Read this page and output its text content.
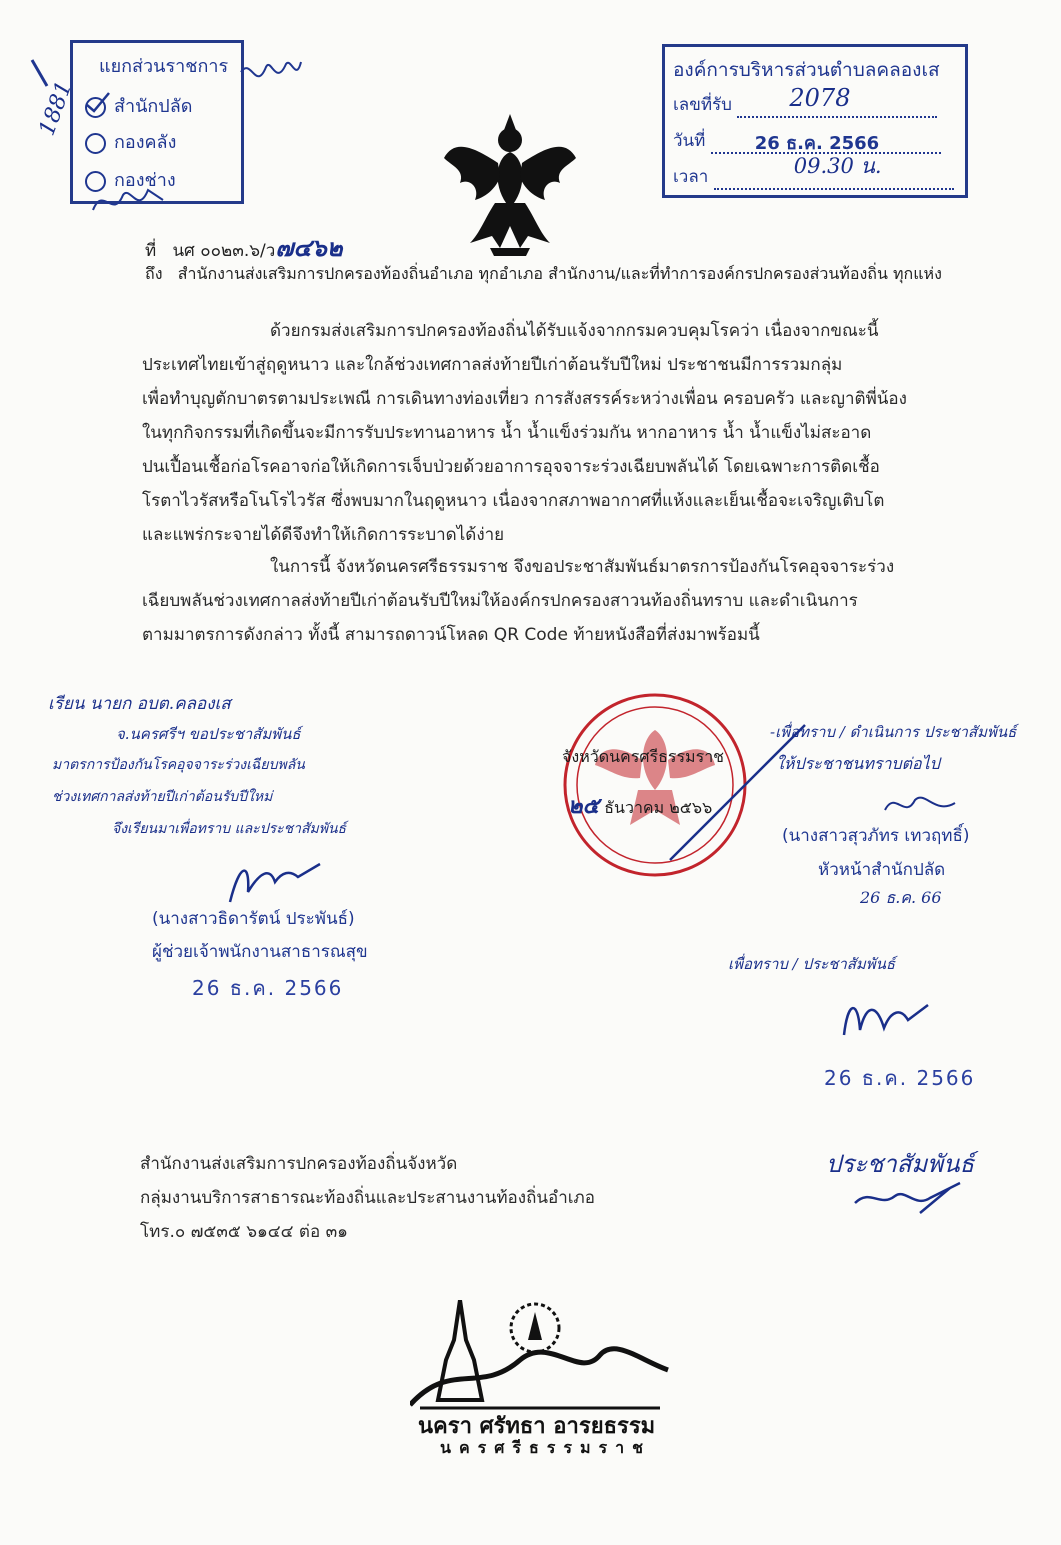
1881
แยกส่วนราชการ
สำนักปลัด
กองคลัง
กองช่าง
องค์การบริหารส่วนตำบลคลองเส
เลขที่รับ 2078
วันที่	26 ธ.ค. 2566
เวลา	09.30 น.
ที่ นศ ๐๐๒๓.๖/ว๗๔๖๒
ถึง สำนักงานส่งเสริมการปกครองท้องถิ่นอำเภอ ทุกอำเภอ สำนักงาน/และที่ทำการองค์กรปกครองส่วนท้องถิ่น ทุกแห่ง
ด้วยกรมส่งเสริมการปกครองท้องถิ่นได้รับแจ้งจากกรมควบคุมโรคว่า เนื่องจากขณะนี้
ประเทศไทยเข้าสู่ฤดูหนาว และใกล้ช่วงเทศกาลส่งท้ายปีเก่าต้อนรับปีใหม่ ประชาชนมีการรวมกลุ่ม
เพื่อทำบุญตักบาตรตามประเพณี การเดินทางท่องเที่ยว การสังสรรค์ระหว่างเพื่อน ครอบครัว และญาติพี่น้อง
ในทุกกิจกรรมที่เกิดขึ้นจะมีการรับประทานอาหาร น้ำ น้ำแข็งร่วมกัน หากอาหาร น้ำ น้ำแข็งไม่สะอาด
ปนเปื้อนเชื้อก่อโรคอาจก่อให้เกิดการเจ็บป่วยด้วยอาการอุจจาระร่วงเฉียบพลันได้ โดยเฉพาะการติดเชื้อ
โรตาไวรัสหรือโนโรไวรัส ซึ่งพบมากในฤดูหนาว เนื่องจากสภาพอากาศที่แห้งและเย็นเชื้อจะเจริญเติบโต
และแพร่กระจายได้ดีจึงทำให้เกิดการระบาดได้ง่าย
ในการนี้ จังหวัดนครศรีธรรมราช จึงขอประชาสัมพันธ์มาตรการป้องกันโรคอุจจาระร่วง
เฉียบพลันช่วงเทศกาลส่งท้ายปีเก่าต้อนรับปีใหม่ให้องค์กรปกครองสาวนท้องถิ่นทราบ และดำเนินการ
ตามมาตรการดังกล่าว ทั้งนี้ สามารถดาวน์โหลด QR Code ท้ายหนังสือที่ส่งมาพร้อมนี้
เรียน นายก อบต.คลองเส
จ.นครศรีฯ ขอประชาสัมพันธ์
มาตรการป้องกันโรคอุจจาระร่วงเฉียบพลัน
ช่วงเทศกาลส่งท้ายปีเก่าต้อนรับปีใหม่
จึงเรียนมาเพื่อทราบ และประชาสัมพันธ์
(นางสาวธิดารัตน์ ประพันธ์)
ผู้ช่วยเจ้าพนักงานสาธารณสุข
26 ธ.ค. 2566
จังหวัดนครศรีธรรมราช
๒๕ ธันวาคม ๒๕๖๖
-เพื่อทราบ / ดำเนินการ ประชาสัมพันธ์
ให้ประชาชนทราบต่อไป
(นางสาวสุวภัทร เทวฤทธิ์)
หัวหน้าสำนักปลัด
26 ธ.ค. 66
เพื่อทราบ / ประชาสัมพันธ์
26 ธ.ค. 2566
ประชาสัมพันธ์
สำนักงานส่งเสริมการปกครองท้องถิ่นจังหวัด
กลุ่มงานบริการสาธารณะท้องถิ่นและประสานงานท้องถิ่นอำเภอ
โทร.๐ ๗๕๓๕ ๖๑๔๔ ต่อ ๓๑
นครา ศรัทธา อารยธรรม
นครศรีธรรมราช
